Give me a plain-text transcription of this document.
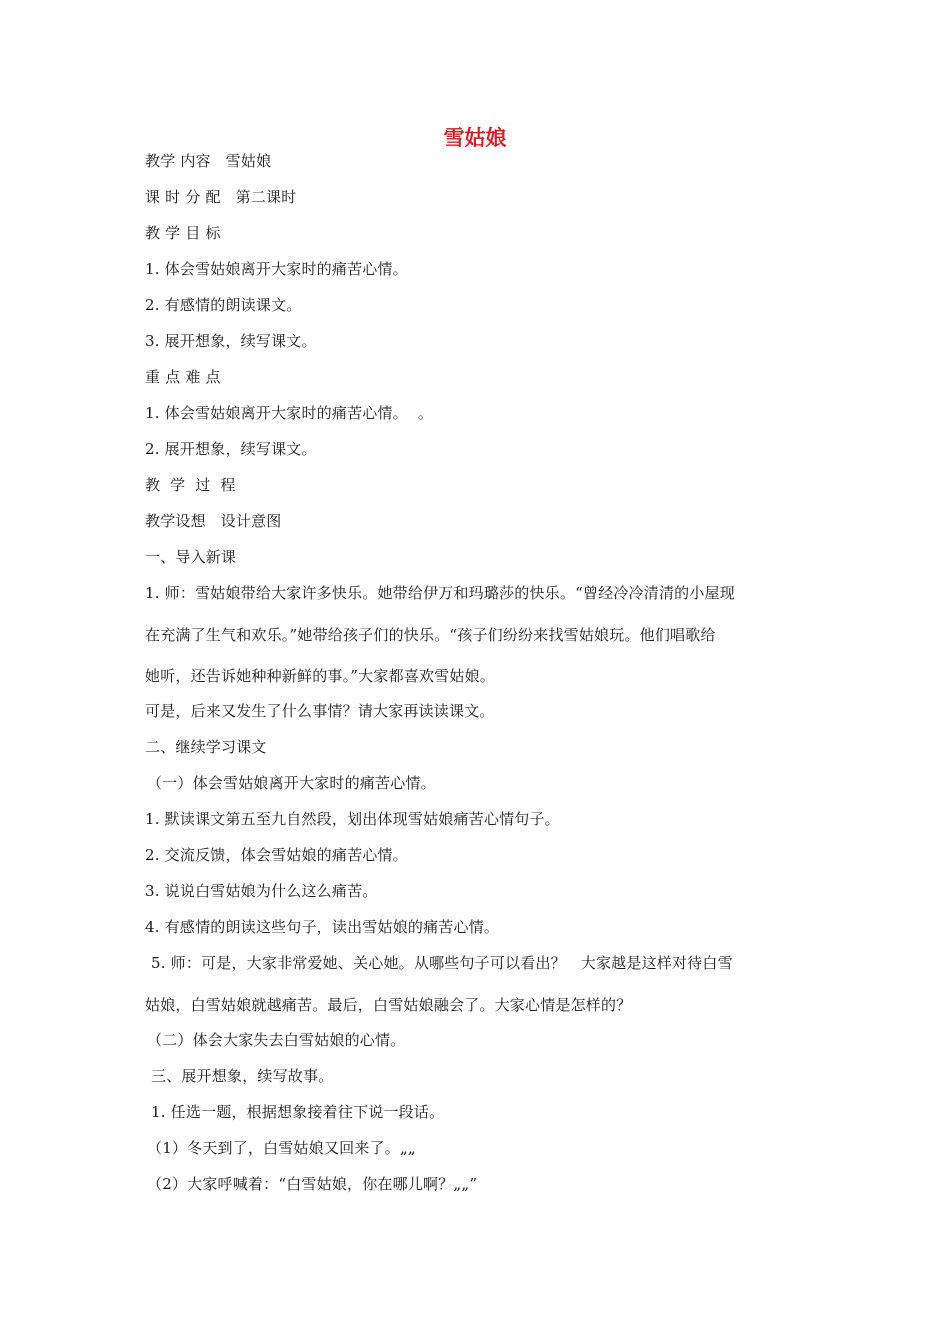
雪姑娘
教学 内容   雪姑娘
课 时 分 配   第二课时
教 学 目 标
1. 体会雪姑娘离开大家时的痛苦心情。
2. 有感情的朗读课文。
3. 展开想象，续写课文。
重 点 难 点
1. 体会雪姑娘离开大家时的痛苦心情。  。
2. 展开想象，续写课文。
教  学  过  程
教学设想   设计意图
一、导入新课
1. 师：雪姑娘带给大家许多快乐。她带给伊万和玛璐莎的快乐。“曾经冷冷清清的小屋现
在充满了生气和欢乐。”她带给孩子们的快乐。“孩子们纷纷来找雪姑娘玩。他们唱歌给
她听，还告诉她种种新鲜的事。”大家都喜欢雪姑娘。
可是，后来又发生了什么事情？请大家再读读课文。
二、继续学习课文
（一）体会雪姑娘离开大家时的痛苦心情。
1. 默读课文第五至九自然段，划出体现雪姑娘痛苦心情句子。
2. 交流反馈，体会雪姑娘的痛苦心情。
3. 说说白雪姑娘为什么这么痛苦。
4. 有感情的朗读这些句子，读出雪姑娘的痛苦心情。
5. 师：可是，大家非常爱她、关心她。从哪些句子可以看出？   大家越是这样对待白雪
姑娘，白雪姑娘就越痛苦。最后，白雪姑娘融会了。大家心情是怎样的？
（二）体会大家失去白雪姑娘的心情。
三、展开想象，续写故事。
1. 任选一题，根据想象接着往下说一段话。
（1）冬天到了，白雪姑娘又回来了。„„
（2）大家呼喊着：“白雪姑娘，你在哪儿啊？„„”
